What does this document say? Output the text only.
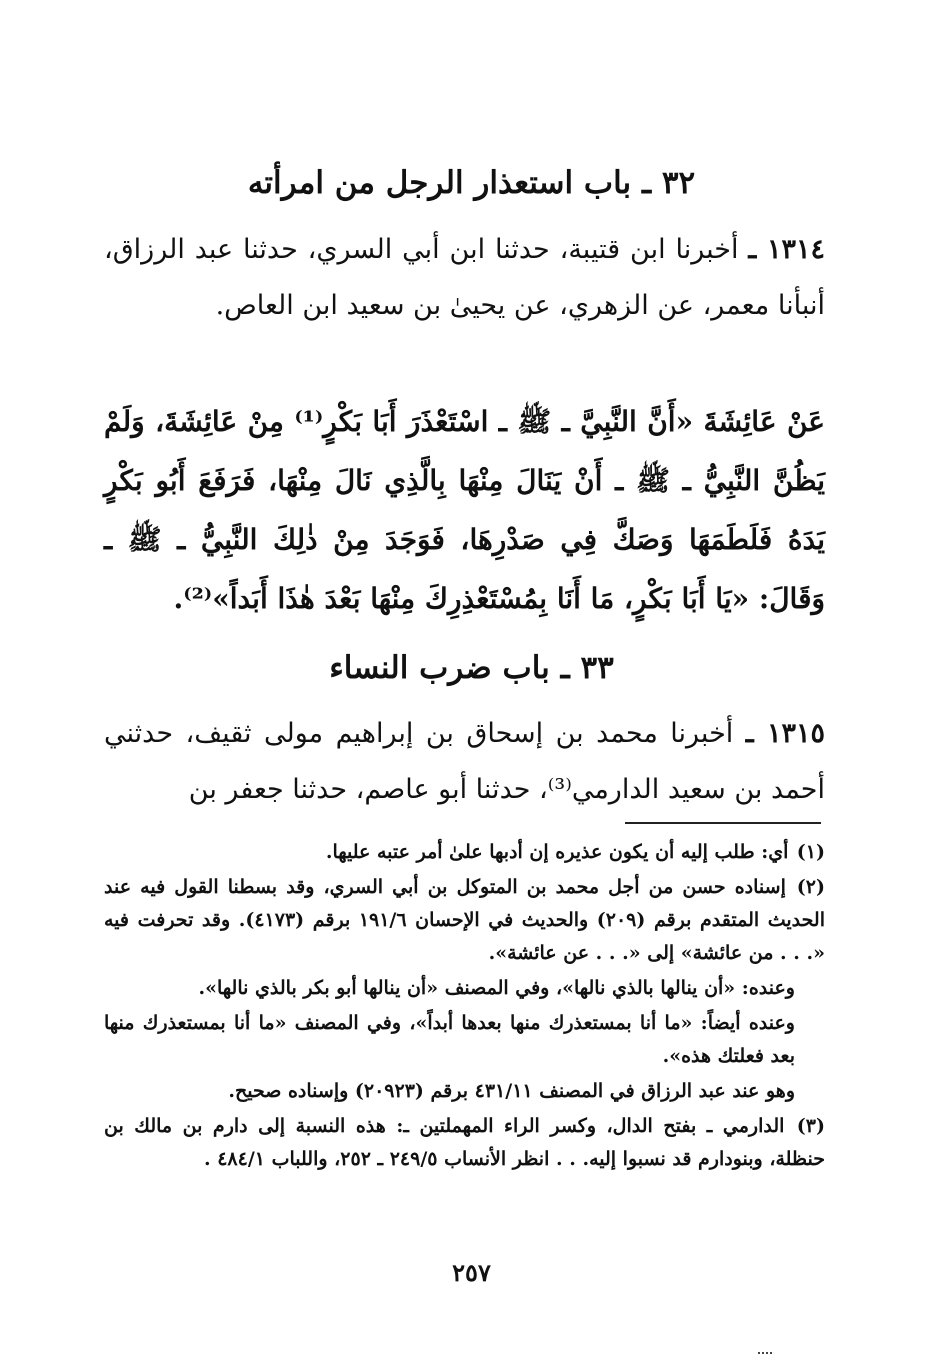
٣٢ ـ باب استعذار الرجل من امرأته

١٣١٤ ـ أخبرنا ابن قتيبة، حدثنا ابن أبي السري، حدثنا عبد الرزاق، أنبأنا معمر، عن الزهري، عن يحيىٰ بن سعيد ابن العاص.

عَنْ عَائِشَةَ «أَنَّ النَّبِيَّ ـ ﷺ ـ اسْتَعْذَرَ أَبَا بَكْرٍ⁽¹⁾ مِنْ عَائِشَةَ، وَلَمْ يَظُنَّ النَّبِيُّ ـ ﷺ ـ أَنْ يَنَالَ مِنْهَا بِالَّذِي نَالَ مِنْهَا، فَرَفَعَ أَبُو بَكْرٍ يَدَهُ فَلَطَمَهَا وَصَكَّ فِي صَدْرِهَا، فَوَجَدَ مِنْ ذٰلِكَ النَّبِيُّ ـ ﷺ ـ وَقَالَ: «يَا أَبَا بَكْرٍ، مَا أَنَا بِمُسْتَعْذِرِكَ مِنْهَا بَعْدَ هٰذَا أَبَداً»⁽²⁾.

٣٣ ـ باب ضرب النساء

١٣١٥ ـ أخبرنا محمد بن إسحاق بن إبراهيم مولى ثقيف، حدثني أحمد بن سعيد الدارمي⁽³⁾، حدثنا أبو عاصم، حدثنا جعفر بن

(١) أي: طلب إليه أن يكون عذيره إن أدبها علىٰ أمر عتبه عليها.

(٢) إسناده حسن من أجل محمد بن المتوكل بن أبي السري، وقد بسطنا القول فيه عند الحديث المتقدم برقم (٢٠٩) والحديث في الإحسان ١٩١/٦ برقم (٤١٧٣). وقد تحرفت فيه «. . . من عائشة» إلى «. . . عن عائشة».

وعنده: «أن ينالها بالذي نالها»، وفي المصنف «أن ينالها أبو بكر بالذي نالها».

وعنده أيضاً: «ما أنا بمستعذرك منها بعدها أبداً»، وفي المصنف «ما أنا بمستعذرك منها بعد فعلتك هذه».

وهو عند عبد الرزاق في المصنف ٤٣١/١١ برقم (٢٠٩٢٣) وإسناده صحيح.

(٣) الدارمي ـ بفتح الدال، وكسر الراء المهملتين ـ: هذه النسبة إلى دارم بن مالك بن حنظلة، وبنودارم قد نسبوا إليه. . . انظر الأنساب ٢٤٩/٥ ـ ٢٥٢، واللباب ٤٨٤/١ .

٢٥٧
